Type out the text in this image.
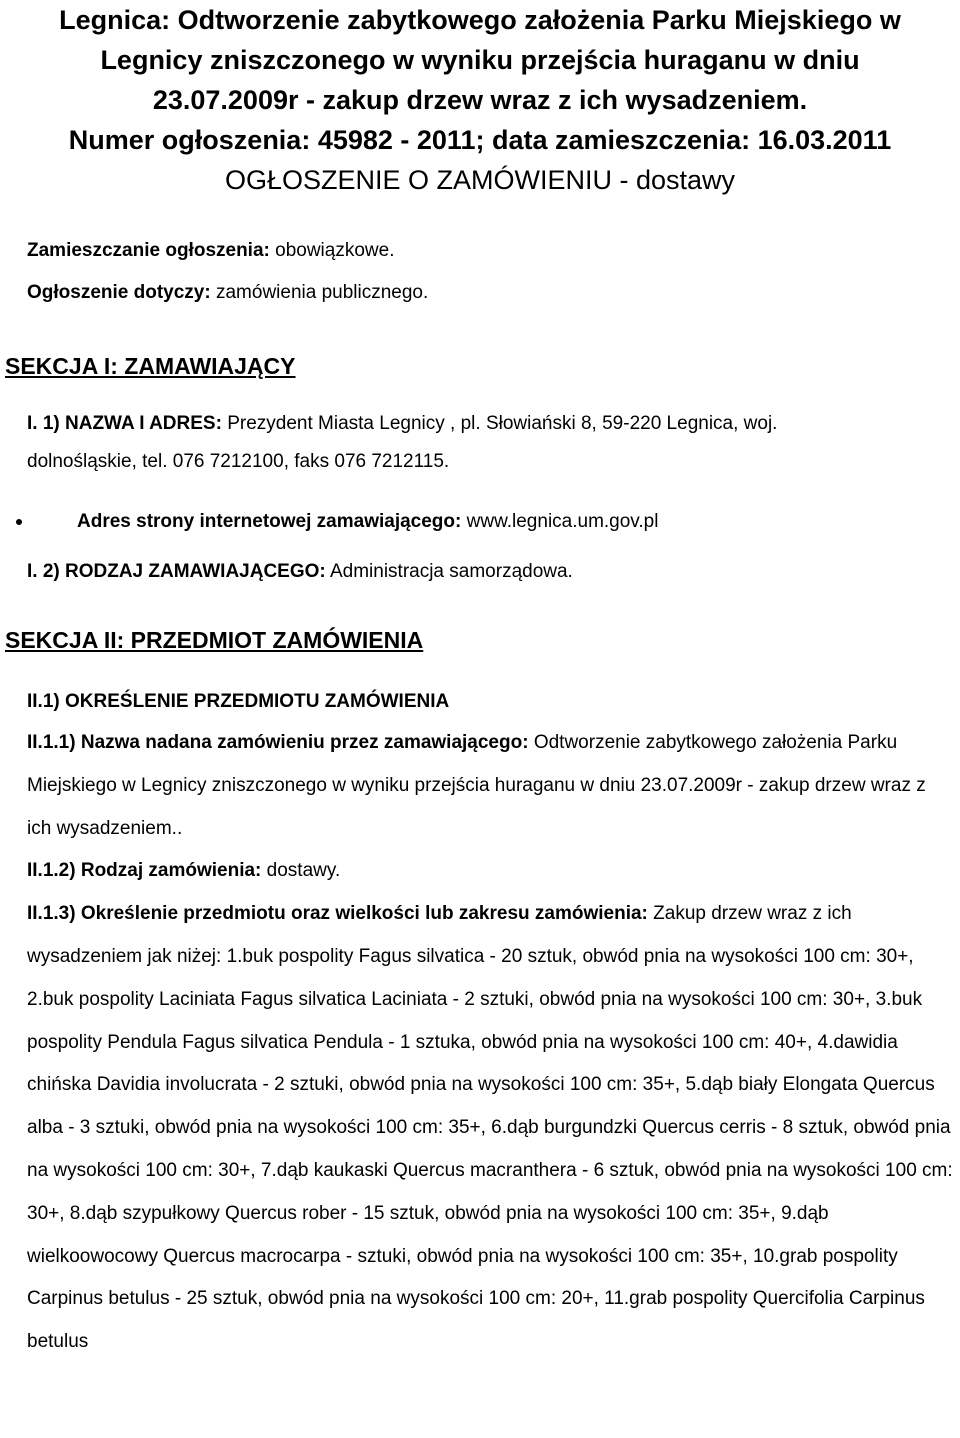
Legnica: Odtworzenie zabytkowego założenia Parku Miejskiego w

Legnicy zniszczonego w wyniku przejścia huraganu w dniu

23.07.2009r - zakup drzew wraz z ich wysadzeniem.

Numer ogłoszenia: 45982 - 2011; data zamieszczenia: 16.03.2011

OGŁOSZENIE O ZAMÓWIENIU - dostawy

Zamieszczanie ogłoszenia: obowiązkowe.

Ogłoszenie dotyczy: zamówienia publicznego.

SEKCJA I: ZAMAWIAJĄCY

I. 1) NAZWA I ADRES: Prezydent Miasta Legnicy , pl. Słowiański 8, 59-220 Legnica, woj.

dolnośląskie, tel. 076 7212100, faks 076 7212115.

Adres strony internetowej zamawiającego: www.legnica.um.gov.pl

I. 2) RODZAJ ZAMAWIAJĄCEGO: Administracja samorządowa.

SEKCJA II: PRZEDMIOT ZAMÓWIENIA

II.1) OKREŚLENIE PRZEDMIOTU ZAMÓWIENIA

II.1.1) Nazwa nadana zamówieniu przez zamawiającego: Odtworzenie zabytkowego założenia Parku Miejskiego w Legnicy zniszczonego w wyniku przejścia huraganu w dniu 23.07.2009r - zakup drzew wraz z ich wysadzeniem..

II.1.2) Rodzaj zamówienia: dostawy.

II.1.3) Określenie przedmiotu oraz wielkości lub zakresu zamówienia: Zakup drzew wraz z ich wysadzeniem jak niżej: 1.buk pospolity Fagus silvatica - 20 sztuk, obwód pnia na wysokości 100 cm: 30+, 2.buk pospolity Laciniata Fagus silvatica Laciniata - 2 sztuki, obwód pnia na wysokości 100 cm: 30+, 3.buk pospolity Pendula Fagus silvatica Pendula - 1 sztuka, obwód pnia na wysokości 100 cm: 40+, 4.dawidia chińska Davidia involucrata - 2 sztuki, obwód pnia na wysokości 100 cm: 35+, 5.dąb biały Elongata Quercus alba - 3 sztuki, obwód pnia na wysokości 100 cm: 35+, 6.dąb burgundzki Quercus cerris - 8 sztuk, obwód pnia na wysokości 100 cm: 30+, 7.dąb kaukaski Quercus macranthera - 6 sztuk, obwód pnia na wysokości 100 cm: 30+, 8.dąb szypułkowy Quercus rober - 15 sztuk, obwód pnia na wysokości 100 cm: 35+, 9.dąb wielkoowocowy Quercus macrocarpa - sztuki, obwód pnia na wysokości 100 cm: 35+, 10.grab pospolity Carpinus betulus - 25 sztuk, obwód pnia na wysokości 100 cm: 20+, 11.grab pospolity Quercifolia Carpinus betulus
